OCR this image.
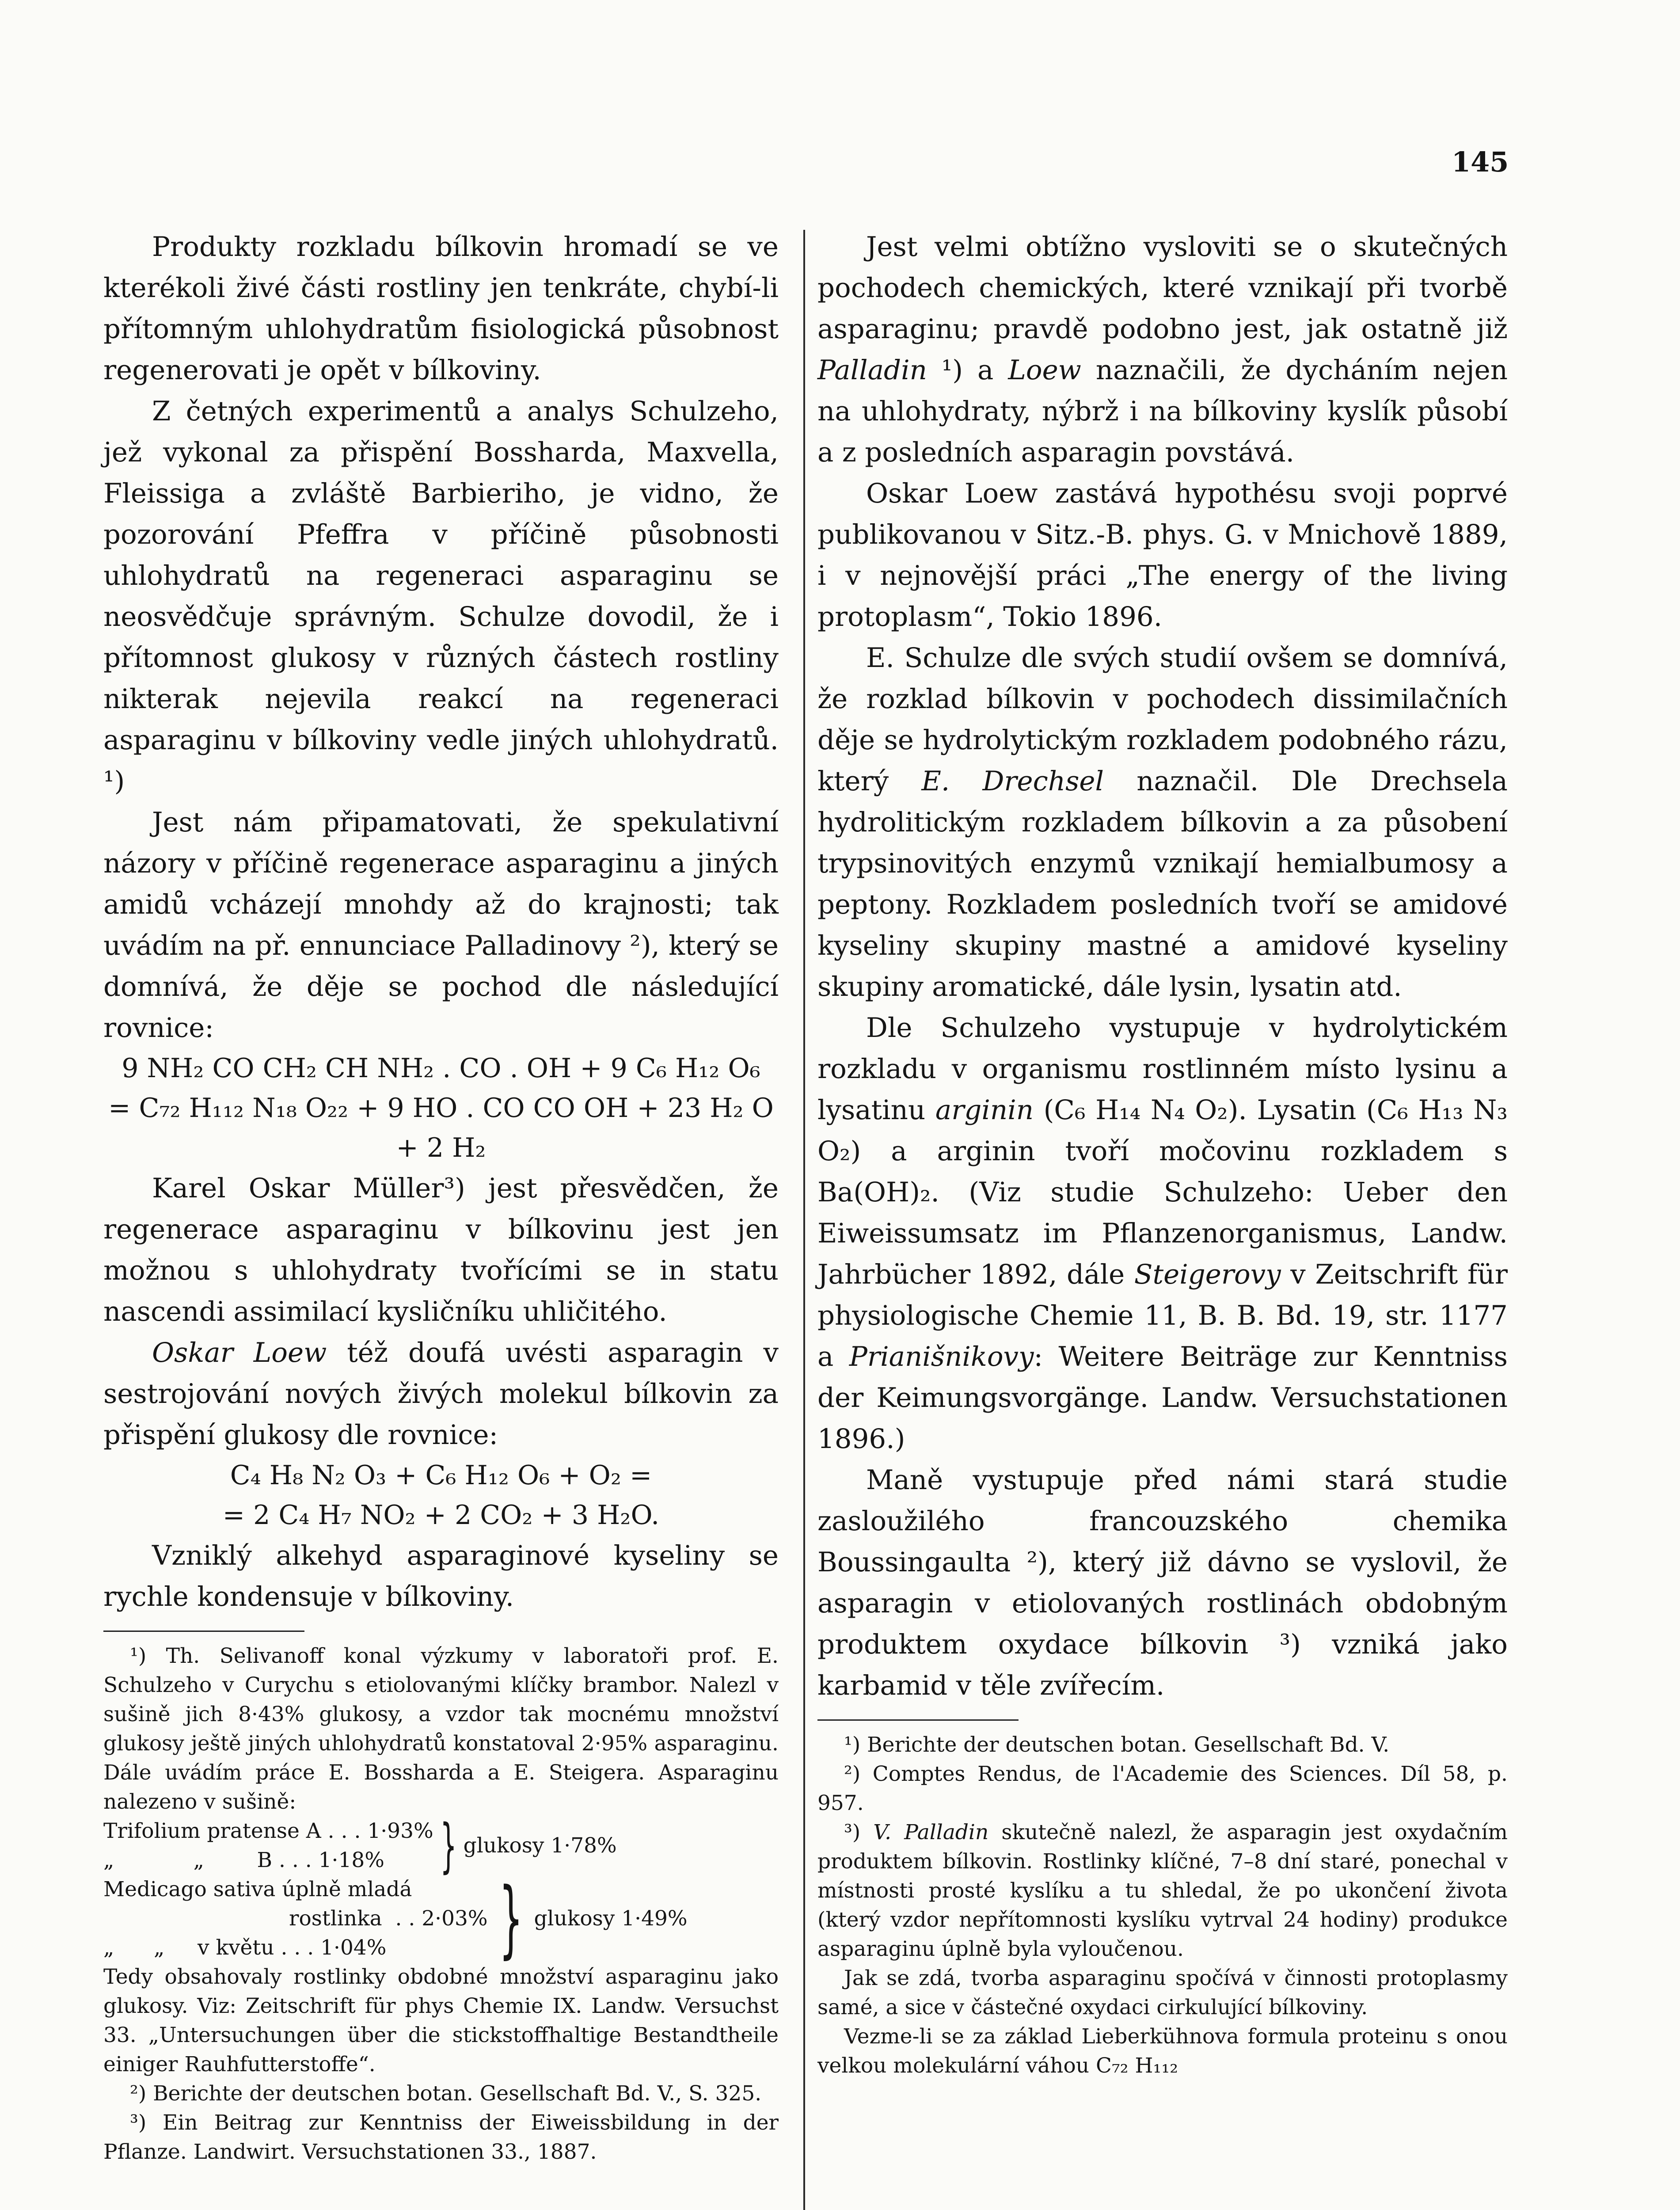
145

Produkty rozkladu bílkovin hromadí se ve kterékoli živé části rostliny jen tenkráte, chybí-li přítomným uhlohydratům fisiologická působnost regenerovati je opět v bílkoviny.

Z četných experimentů a analys Schulzeho, jež vykonal za přispění Bossharda, Maxvella, Fleissiga a zvláště Barbieriho, je vidno, že pozorování Pfeffra v příčině působnosti uhlohydratů na regeneraci asparaginu se neosvědčuje správným. Schulze dovodil, že i přítomnost glukosy v různých částech rostliny nikterak nejevila reakcí na regeneraci asparaginu v bílkoviny vedle jiných uhlohydratů. ¹)

Jest nám připamatovati, že spekulativní názory v příčině regenerace asparaginu a jiných amidů vcházejí mnohdy až do krajnosti; tak uvádím na př. ennunciace Palladinovy ²), který se domnívá, že děje se pochod dle následující rovnice:

9 NH₂ CO CH₂ CH NH₂ . CO . OH + 9 C₆ H₁₂ O₆
= C₇₂ H₁₁₂ N₁₈ O₂₂ + 9 HO . CO CO OH + 23 H₂ O
+ 2 H₂

Karel Oskar Müller³) jest přesvědčen, že regenerace asparaginu v bílkovinu jest jen možnou s uhlohydraty tvořícími se in statu nascendi assimilací kysličníku uhličitého.

Oskar Loew též doufá uvésti asparagin v sestrojování nových živých molekul bílkovin za přispění glukosy dle rovnice:

C₄ H₈ N₂ O₃ + C₆ H₁₂ O₆ + O₂ =
= 2 C₄ H₇ NO₂ + 2 CO₂ + 3 H₂O.

Vzniklý alkehyd asparaginové kyseliny se rychle kondensuje v bílkoviny.

¹) Th. Selivanoff konal výzkumy v laboratoři prof. E. Schulzeho v Curychu s etiolovanými klíčky brambor. Nalezl v sušině jich 8·43% glukosy, a vzdor tak mocnému množství glukosy ještě jiných uhlohydratů konstatoval 2·95% asparaginu. Dále uvádím práce E. Bossharda a E. Steigera. Asparaginu nalezeno v sušině:

Trifolium pratense A . . . 1·93%
„            „        B . . . 1·18% } glukosy 1·78%
Medicago sativa úplně mladá
rostlinka  . . 2·03%
„      „     v květu . . . 1·04%	} glukosy 1·49%

Tedy obsahovaly rostlinky obdobné množství asparaginu jako glukosy. Viz: Zeitschrift für phys Chemie IX. Landw. Versuchst 33. „Untersuchungen über die stickstoffhaltige Bestandtheile einiger Rauhfutterstoffe“.

²) Berichte der deutschen botan. Gesellschaft Bd. V., S. 325.

³) Ein Beitrag zur Kenntniss der Eiweissbildung in der Pflanze. Landwirt. Versuchstationen 33., 1887.

Jest velmi obtížno vysloviti se o skutečných pochodech chemických, které vznikají při tvorbě asparaginu; pravdě podobno jest, jak ostatně již Palladin ¹) a Loew naznačili, že dycháním nejen na uhlohydraty, nýbrž i na bílkoviny kyslík působí a z posledních asparagin povstává.

Oskar Loew zastává hypothésu svoji poprvé publikovanou v Sitz.-B. phys. G. v Mnichově 1889, i v nejnovější práci „The energy of the living protoplasm“, Tokio 1896.

E. Schulze dle svých studií ovšem se domnívá, že rozklad bílkovin v pochodech dissimilačních děje se hydrolytickým rozkladem podobného rázu, který E. Drechsel naznačil. Dle Drechsela hydrolitickým rozkladem bílkovin a za působení trypsinovitých enzymů vznikají hemialbumosy a peptony. Rozkladem posledních tvoří se amidové kyseliny skupiny mastné a amidové kyseliny skupiny aromatické, dále lysin, lysatin atd.

Dle Schulzeho vystupuje v hydrolytickém rozkladu v organismu rostlinném místo lysinu a lysatinu arginin (C₆ H₁₄ N₄ O₂). Lysatin (C₆ H₁₃ N₃ O₂) a arginin tvoří močovinu rozkladem s Ba(OH)₂. (Viz studie Schulzeho: Ueber den Eiweissumsatz im Pflanzenorganismus, Landw. Jahrbücher 1892, dále Steigerovy v Zeitschrift für physiologische Chemie 11, B. B. Bd. 19, str. 1177 a Prianišnikovy: Weitere Beiträge zur Kenntniss der Keimungsvorgänge. Landw. Versuchstationen 1896.)

Maně vystupuje před námi stará studie zasloužilého francouzského chemika Boussingaulta ²), který již dávno se vyslovil, že asparagin v etiolovaných rostlinách obdobným produktem oxydace bílkovin ³) vzniká jako karbamid v těle zvířecím.

¹) Berichte der deutschen botan. Gesellschaft Bd. V.

²) Comptes Rendus, de l'Academie des Sciences. Díl 58, p. 957.

³) V. Palladin skutečně nalezl, že asparagin jest oxydačním produktem bílkovin. Rostlinky klíčné, 7–8 dní staré, ponechal v místnosti prosté kyslíku a tu shledal, že po ukončení života (který vzdor nepřítomnosti kyslíku vytrval 24 hodiny) produkce asparaginu úplně byla vyloučenou.

Jak se zdá, tvorba asparaginu spočívá v činnosti protoplasmy samé, a sice v částečné oxydaci cirkulující bílkoviny.

Vezme-li se za základ Lieberkühnova formula proteinu s onou velkou molekulární váhou C₇₂ H₁₁₂
